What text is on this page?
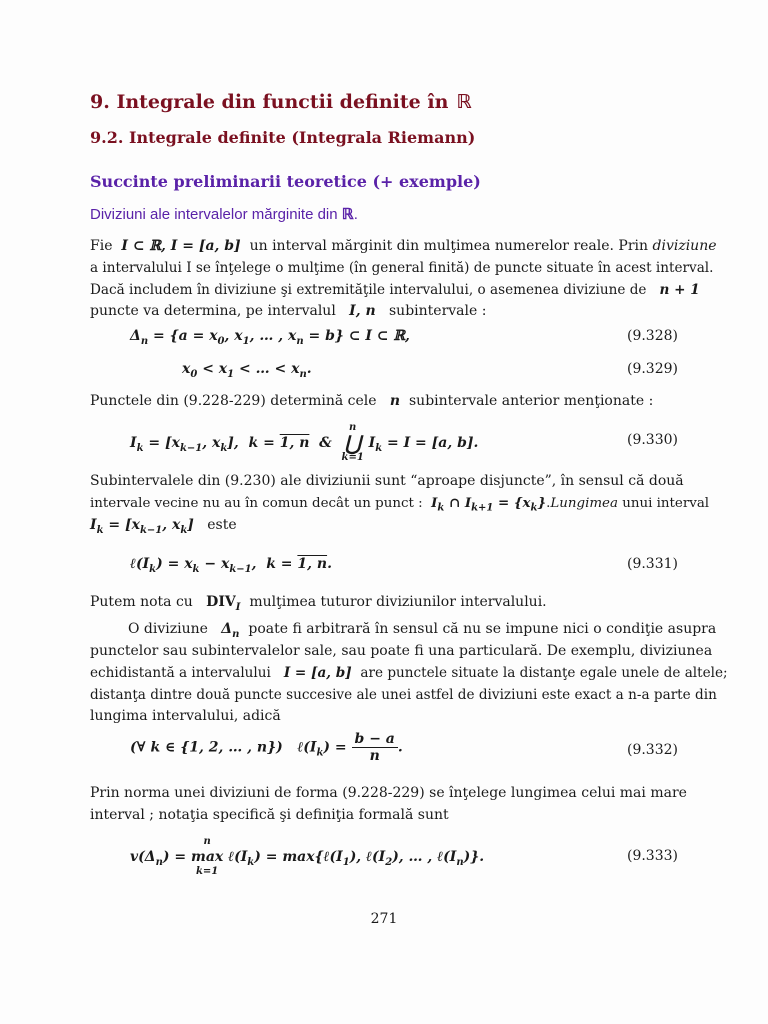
9. Integrale din functii definite în ℝ
9.2. Integrale definite (Integrala Riemann)
Succinte preliminarii teoretice (+ exemple)
Diviziuni ale intervalelor mărginite din ℝ.
Fie I ⊂ ℝ, I = [a, b] un interval mărginit din mulţimea numerelor reale. Prin diviziune
a intervalului I se înţelege o mulţime (în general finită) de puncte situate în acest interval.
Dacă includem în diviziune şi extremităţile intervalului, o asemenea diviziune de n + 1
puncte va determina, pe intervalul I, n subintervale :
$\Delta_n = \{a = x_0$, $x_1$, … , $x_n = b$} ⊂ I ⊂ ℝ,	(9.328)
$x_0 < x_1$ < … < $x_n$.	(9.329)
Punctele din (9.228-229) determină cele n subintervale anterior menţionate :
$I_k = [x_{k-1}$, $x_k$],  k = 1, n  &  n
⋃
k=1 $I_k = I = [a$, b].	(9.330)
Subintervalele din (9.230) ale diviziunii sunt “aproape disjuncte”, în sensul că două
intervale vecine nu au în comun decât un punct : $I_k$ ∩ $I_{k+1}$ = $\{x_k\}.Lungimea$ unui interval
$I_k = [x_{k-1}$, $x_k$] este
$\ell(I_k) = x_k - x_{k-1}$,  k = 1, n.	(9.331)
Putem nota cu $DIV_I$ mulţimea tuturor diviziunilor intervalului.
O diviziune $\Delta_n$ poate fi arbitrară în sensul că nu se impune nici o condiţie asupra
punctelor sau subintervalelor sale, sau poate fi una particulară. De exemplu, diviziunea
echidistantă a intervalului I = [a, b] are punctele situate la distanţe egale unele de altele;
distanţa dintre două puncte succesive ale unei astfel de diviziuni este exact a n-a parte din
lungima intervalului, adică
(∀ k ∈ {1, 2, … , n})   $\ell(I_k) = \frac{b - a}{n}$ .	(9.332)
Prin norma unei diviziuni de forma (9.228-229) se înţelege lungimea celui mai mare
interval ; notaţia specifică şi definiţia formală sunt
$v(\Delta_n) = n$
max
k=1 $\ell(I_k)$ = $\max\{\ell(I_1)$, $\ell(I_2)$, … , $\ell(I_n)$}.	(9.333)
271
